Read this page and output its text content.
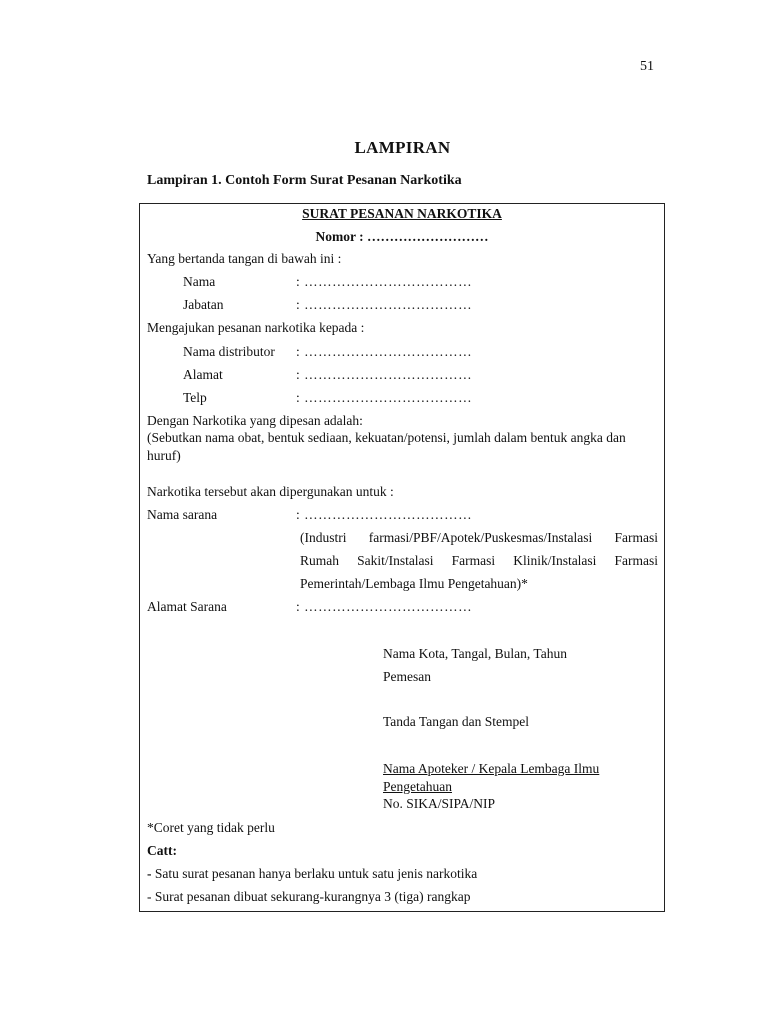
51
LAMPIRAN
Lampiran 1. Contoh Form Surat Pesanan Narkotika
SURAT PESANAN NARKOTIKA
Nomor : ………………………
Yang bertanda tangan di bawah ini :
Nama	: ………………………………
Jabatan	: ………………………………
Mengajukan pesanan narkotika kepada :
Nama distributor : ………………………………
Alamat	: ………………………………
Telp	: ………………………………
Dengan Narkotika yang dipesan adalah:
(Sebutkan nama obat, bentuk sediaan, kekuatan/potensi, jumlah dalam bentuk angka dan
huruf)
Narkotika tersebut akan dipergunakan untuk :
Nama sarana	: ………………………………
(Industri farmasi/PBF/Apotek/Puskesmas/Instalasi Farmasi
Rumah Sakit/Instalasi Farmasi Klinik/Instalasi Farmasi
Pemerintah/Lembaga Ilmu Pengetahuan)*
Alamat Sarana	: ………………………………
Nama Kota, Tangal, Bulan, Tahun
Pemesan
Tanda Tangan dan Stempel
Nama Apoteker / Kepala Lembaga Ilmu
Pengetahuan
No. SIKA/SIPA/NIP
*Coret yang tidak perlu
Catt:
- Satu surat pesanan hanya berlaku untuk satu jenis narkotika
- Surat pesanan dibuat sekurang-kurangnya 3 (tiga) rangkap
